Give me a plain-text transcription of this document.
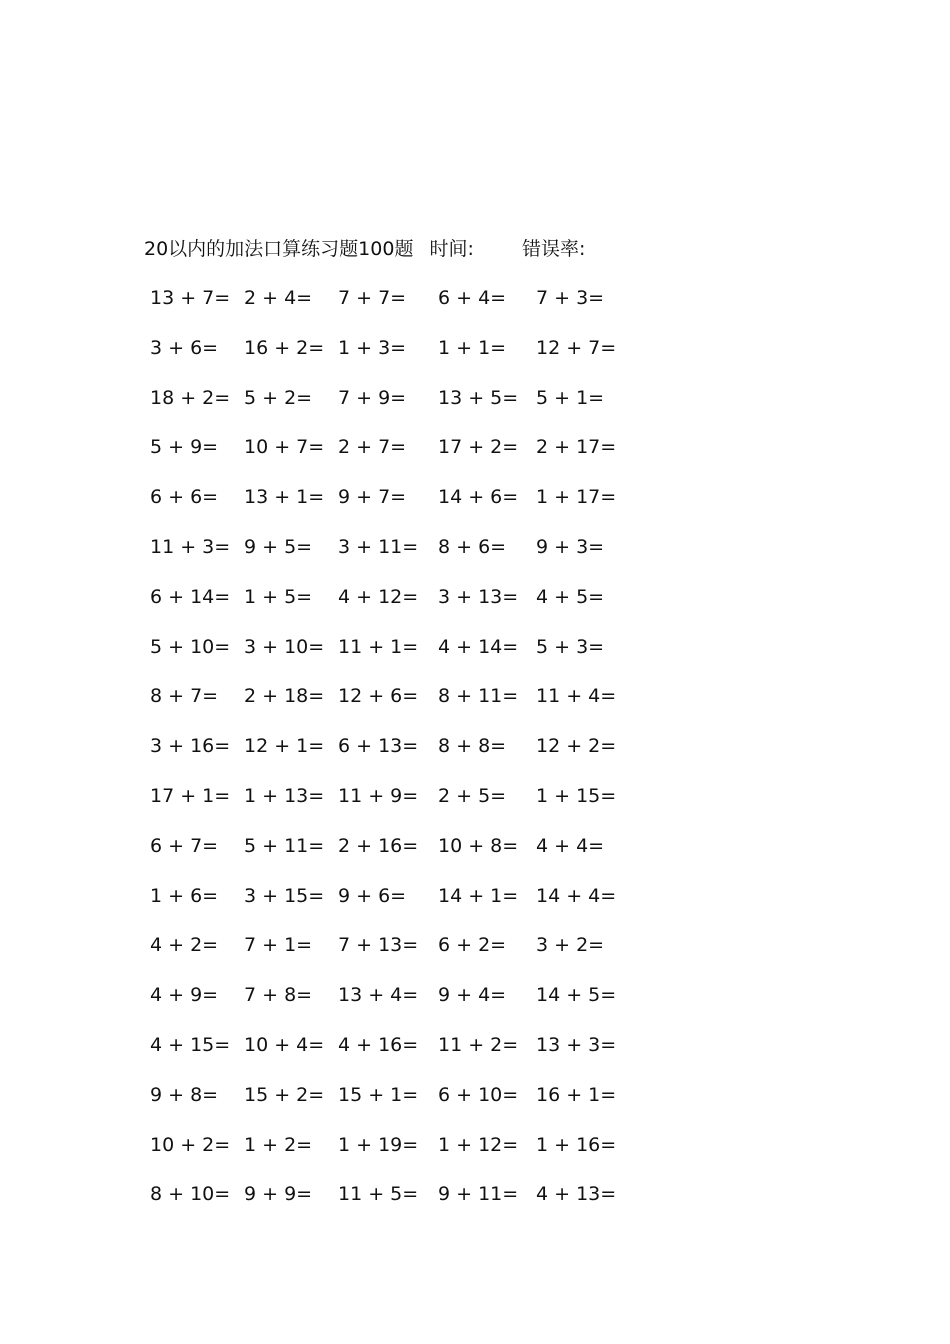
20以内的加法口算练习题100题 时间:	错误率:
13 + 7= 2 + 4= 7 + 7= 6 + 4= 7 + 3=
3 + 6= 16 + 2= 1 + 3= 1 + 1= 12 + 7=
18 + 2= 5 + 2= 7 + 9= 13 + 5= 5 + 1=
5 + 9= 10 + 7= 2 + 7= 17 + 2= 2 + 17=
6 + 6= 13 + 1= 9 + 7= 14 + 6= 1 + 17=
11 + 3= 9 + 5= 3 + 11= 8 + 6= 9 + 3=
6 + 14= 1 + 5= 4 + 12= 3 + 13= 4 + 5=
5 + 10= 3 + 10= 11 + 1= 4 + 14= 5 + 3=
8 + 7= 2 + 18= 12 + 6= 8 + 11= 11 + 4=
3 + 16= 12 + 1= 6 + 13= 8 + 8= 12 + 2=
17 + 1= 1 + 13= 11 + 9= 2 + 5= 1 + 15=
6 + 7= 5 + 11= 2 + 16= 10 + 8= 4 + 4=
1 + 6= 3 + 15= 9 + 6= 14 + 1= 14 + 4=
4 + 2= 7 + 1= 7 + 13= 6 + 2= 3 + 2=
4 + 9= 7 + 8= 13 + 4= 9 + 4= 14 + 5=
4 + 15= 10 + 4= 4 + 16= 11 + 2= 13 + 3=
9 + 8= 15 + 2= 15 + 1= 6 + 10= 16 + 1=
10 + 2= 1 + 2= 1 + 19= 1 + 12= 1 + 16=
8 + 10= 9 + 9= 11 + 5= 9 + 11= 4 + 13=
